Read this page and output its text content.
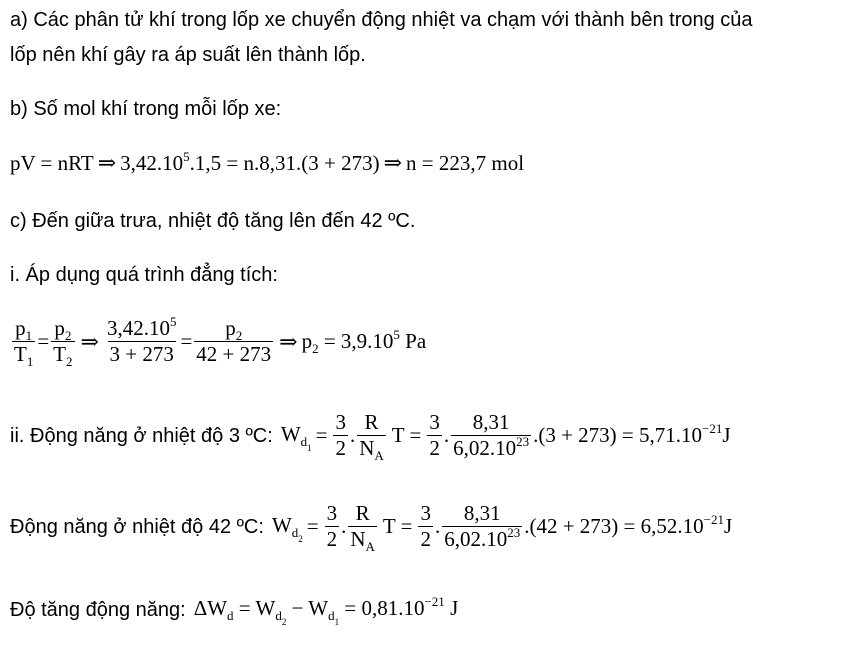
a) Các phân tử khí trong lốp xe chuyển động nhiệt va chạm với thành bên trong của
lốp nên khí gây ra áp suất lên thành lốp.
b) Số mol khí trong mỗi lốp xe:
pV = nRT ⇒ $3,42.10^5.1,5 = n.8,31.(3 + 273)$ ⇒ n = 223,7 mol
c) Đến giữa trưa, nhiệt độ tăng lên đến 42 ºC.
i. Áp dụng quá trình đẳng tích:
$\frac{p_1}{T_1} = \frac{p_2}{T_2}$ ⇒ $\frac{3,42.10^5}{3 + 273} = \frac{p_2}{42 + 273}$ ⇒ $p_2 = 3,9.10^5$ Pa
ii. Động năng ở nhiệt độ 3 ºC: $W_{d_1}$
= $\frac{3}{2}$ . $\frac{R}{N_A}$ $T = \frac{3}{2}$ . $\frac{8,31}{6,02.10^{23}} .(3 + 273) = 5,71.10^{-21}J$
Động năng ở nhiệt độ 42 ºC: $W_{d_2}$
= $\frac{3}{2}$ . $\frac{R}{N_A}$ $T = \frac{3}{2}$ . $\frac{8,31}{6,02.10^{23}} .(42 + 273) = 6,52.10^{-21}J$
Độ tăng động năng: $\Delta W_d = W_{d_2} - W_{d_1} = 0,81.10^{-21}$ J
